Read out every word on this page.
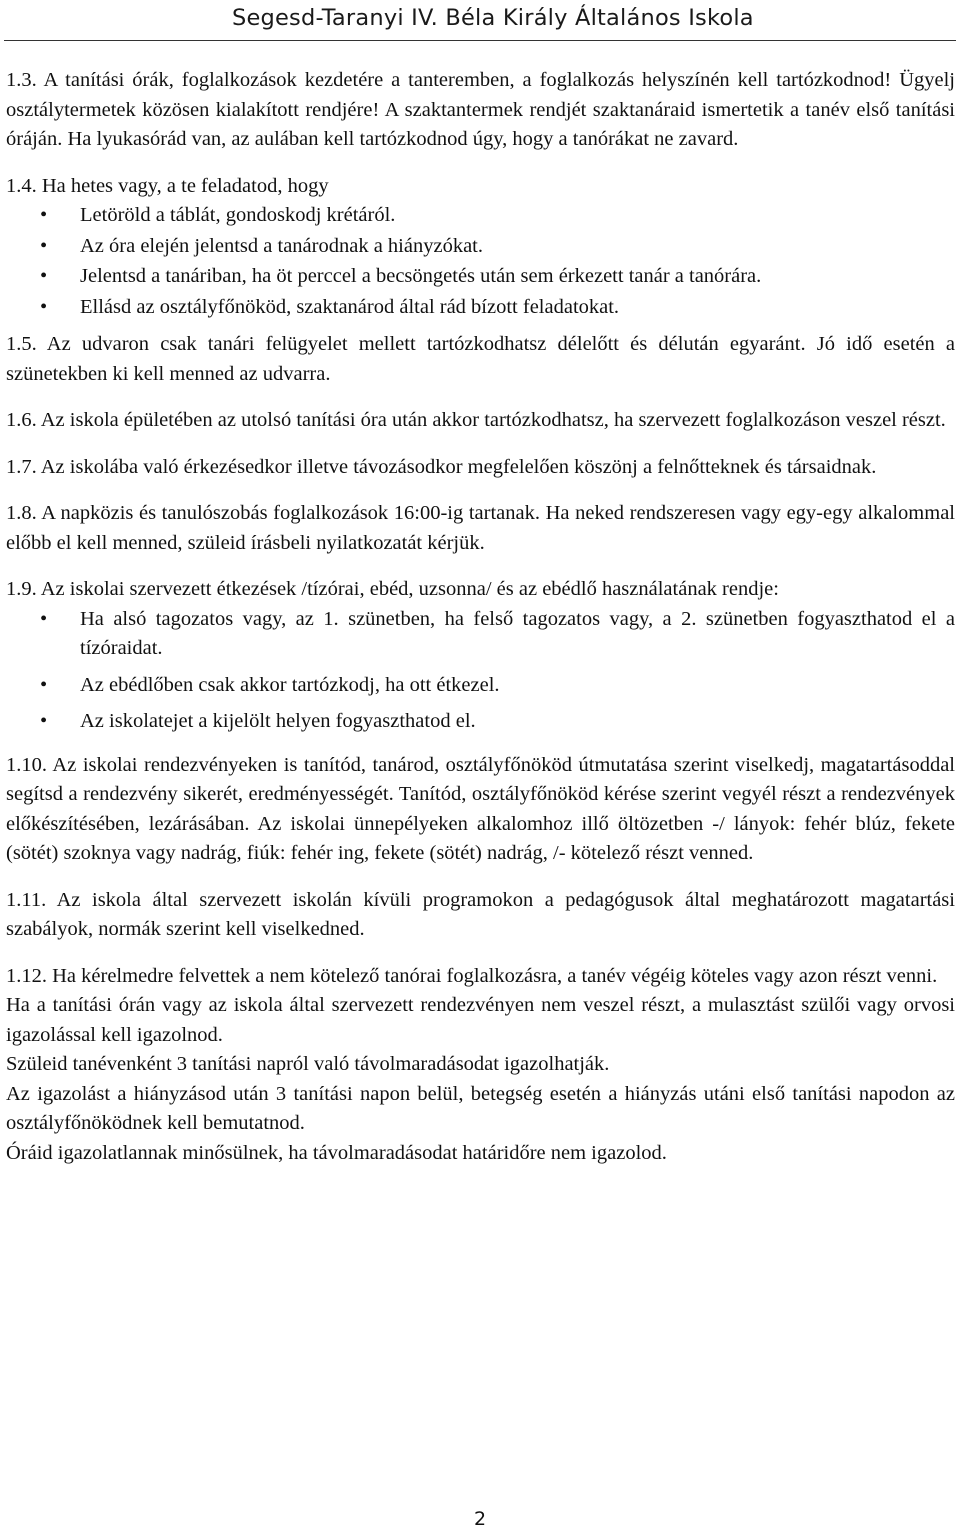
Segesd-Taranyi IV. Béla Király Általános Iskola

1.3. A tanítási órák, foglalkozások kezdetére a tanteremben, a foglalkozás helyszínén kell tartózkodnod! Ügyelj osztálytermetek közösen kialakított rendjére! A szaktantermek rendjét szaktanáraid ismertetik a tanév első tanítási óráján. Ha lyukasórád van, az aulában kell tartózkodnod úgy, hogy a tanórákat ne zavard.

1.4. Ha hetes vagy, a te feladatod, hogy

• Letöröld a táblát, gondoskodj krétáról.
• Az óra elején jelentsd a tanárodnak a hiányzókat.
• Jelentsd a tanáriban, ha öt perccel a becsöngetés után sem érkezett tanár a tanórára.
• Ellásd az osztályfőnököd, szaktanárod által rád bízott feladatokat.

1.5. Az udvaron csak tanári felügyelet mellett tartózkodhatsz délelőtt és délután egyaránt. Jó idő esetén a szünetekben ki kell menned az udvarra.

1.6. Az iskola épületében az utolsó tanítási óra után akkor tartózkodhatsz, ha szervezett foglalkozáson veszel részt.

1.7. Az iskolába való érkezésedkor illetve távozásodkor megfelelően köszönj a felnőtteknek és társaidnak.

1.8. A napközis és tanulószobás foglalkozások 16:00-ig tartanak. Ha neked rendszeresen vagy egy-egy alkalommal előbb el kell menned, szüleid írásbeli nyilatkozatát kérjük.

1.9. Az iskolai szervezett étkezések /tízórai, ebéd, uzsonna/ és az ebédlő használatának rendje:

• Ha alsó tagozatos vagy, az 1. szünetben, ha felső tagozatos vagy, a 2. szünetben fogyaszthatod el a tízóraidat.
• Az ebédlőben csak akkor tartózkodj, ha ott étkezel.
• Az iskolatejet a kijelölt helyen fogyaszthatod el.

1.10. Az iskolai rendezvényeken is tanítód, tanárod, osztályfőnököd útmutatása szerint viselkedj, magatartásoddal segítsd a rendezvény sikerét, eredményességét. Tanítód, osztályfőnököd kérése szerint vegyél részt a rendezvények előkészítésében, lezárásában. Az iskolai ünnepélyeken alkalomhoz illő öltözetben -/ lányok: fehér blúz, fekete (sötét) szoknya vagy nadrág, fiúk: fehér ing, fekete (sötét) nadrág, /- kötelező részt venned.

1.11. Az iskola által szervezett iskolán kívüli programokon a pedagógusok által meghatározott magatartási szabályok, normák szerint kell viselkedned.

1.12. Ha kérelmedre felvettek a nem kötelező tanórai foglalkozásra, a tanév végéig köteles vagy azon részt venni.

Ha a tanítási órán vagy az iskola által szervezett rendezvényen nem veszel részt, a mulasztást szülői vagy orvosi igazolással kell igazolnod.

Szüleid tanévenként 3 tanítási napról való távolmaradásodat igazolhatják.

Az igazolást a hiányzásod után 3 tanítási napon belül, betegség esetén a hiányzás utáni első tanítási napodon az osztályfőnöködnek kell bemutatnod.

Óráid igazolatlannak minősülnek, ha távolmaradásodat határidőre nem igazolod.

2
